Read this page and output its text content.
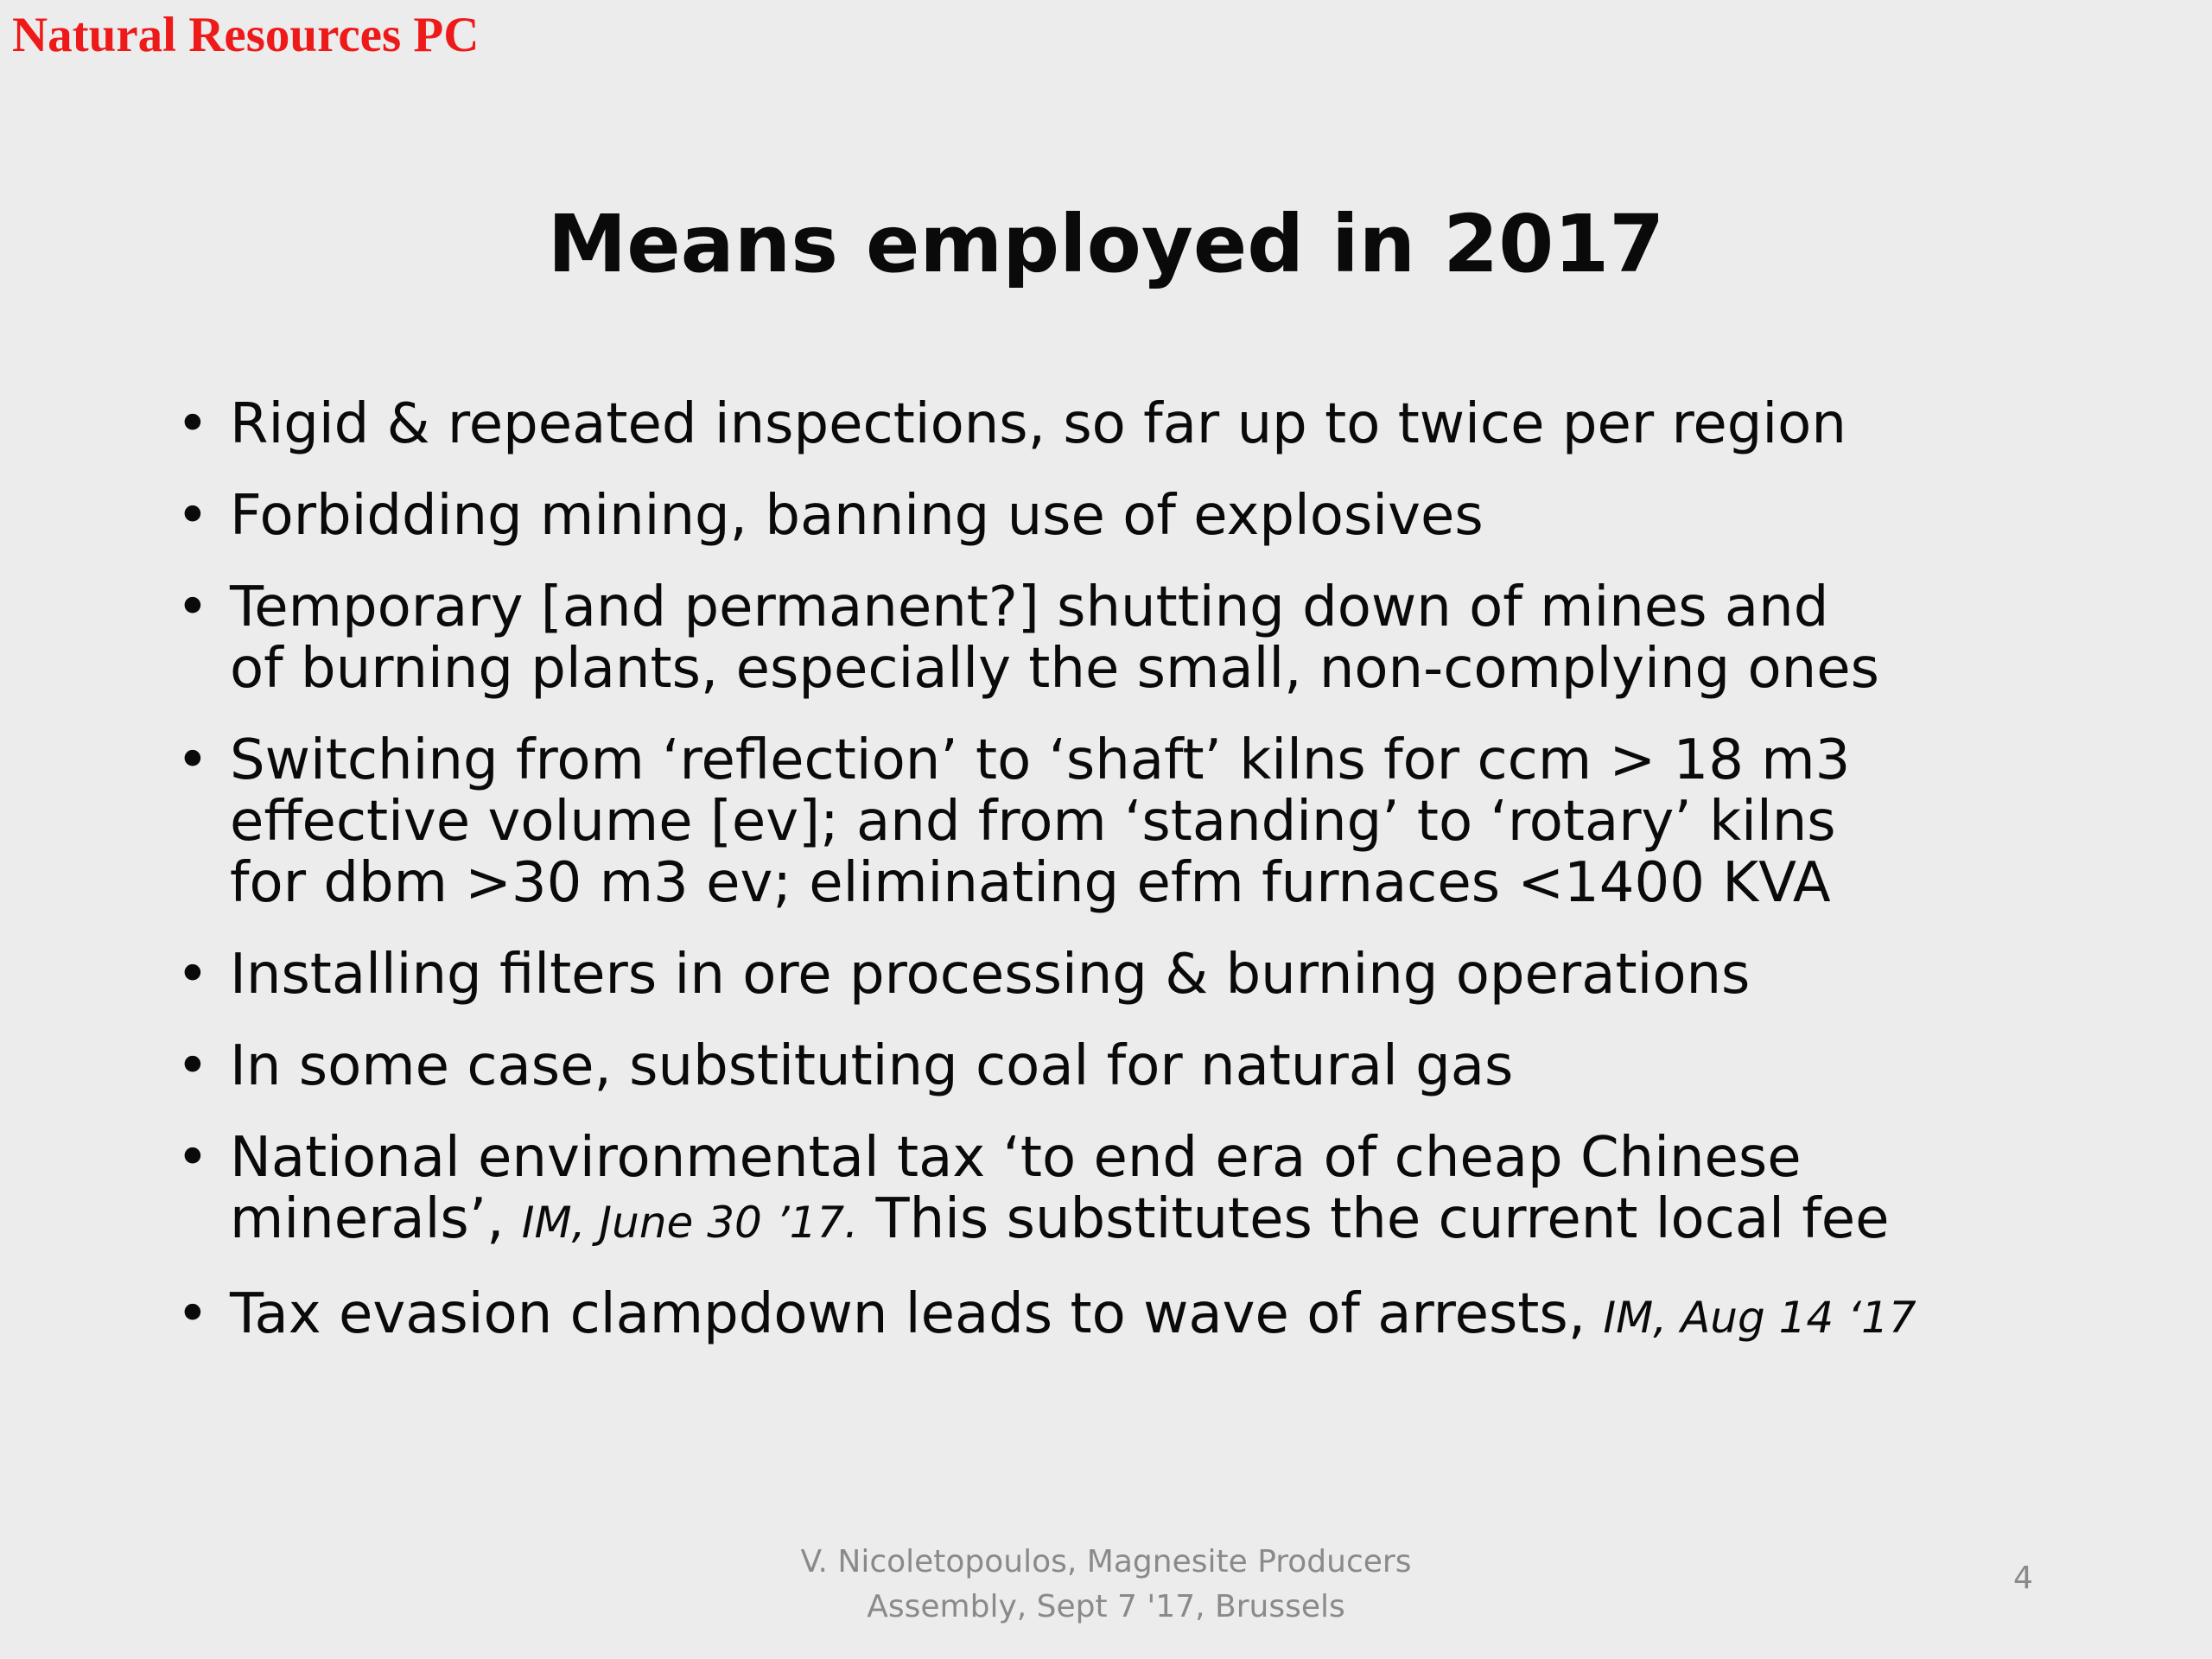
Natural Resources PC
Means employed in 2017
• Rigid & repeated inspections, so far up to twice per region
• Forbidding mining, banning use of explosives
• Temporary [and permanent?] shutting down of mines and
of burning plants, especially the small, non-complying ones
• Switching from ‘reflection’ to ‘shaft’ kilns for ccm > 18 m3
effective volume [ev]; and from ‘standing’ to ‘rotary’ kilns
for dbm >30 m3 ev; eliminating efm furnaces <1400 KVA
• Installing filters in ore processing & burning operations
• In some case, substituting coal for natural gas
• National environmental tax ‘to end era of cheap Chinese
minerals’, IM, June 30 ’17. This substitutes the current local fee
• Tax evasion clampdown leads to wave of arrests, IM, Aug 14 ‘17
V. Nicoletopoulos, Magnesite Producers
Assembly, Sept 7 '17, Brussels
4
